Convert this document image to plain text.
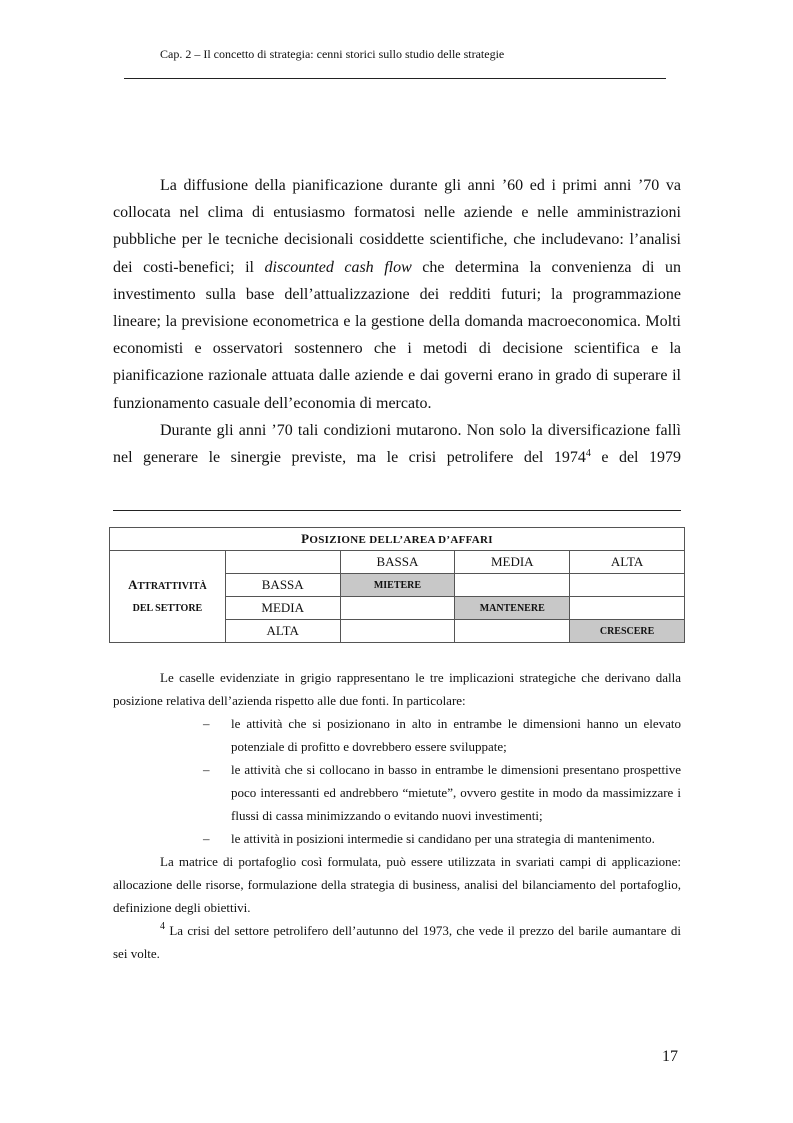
Cap. 2 – Il concetto di strategia: cenni storici sullo studio delle strategie

La diffusione della pianificazione durante gli anni ’60 ed i primi anni ’70 va collocata nel clima di entusiasmo formatosi nelle aziende e nelle amministrazioni pubbliche per le tecniche decisionali cosiddette scientifiche, che includevano: l’analisi dei costi-benefici; il discounted cash flow che determina la convenienza di un investimento sulla base dell’attualizzazione dei redditi futuri; la programmazione lineare; la previsione econometrica e la gestione della domanda macroeconomica. Molti economisti e osservatori sostennero che i metodi di decisione scientifica e la pianificazione razionale attuata dalle aziende e dai governi erano in grado di superare il funzionamento casuale dell’economia di mercato.

Durante gli anni ’70 tali condizioni mutarono. Non solo la diversificazione fallì nel generare le sinergie previste, ma le crisi petrolifere del 1974$^4$ e del 1979

POSIZIONE DELL’AREA D’AFFARI				
ATTRATTIVITÀ
DEL SETTORE		BASSA	MEDIA	ALTA
	BASSA	MIETERE		
	MEDIA		MANTENERE	
	ALTA			CRESCERE

Le caselle evidenziate in grigio rappresentano le tre implicazioni strategiche che derivano dalla posizione relativa dell’azienda rispetto alle due fonti. In particolare:

– le attività che si posizionano in alto in entrambe le dimensioni hanno un elevato potenziale di profitto e dovrebbero essere sviluppate;
– le attività che si collocano in basso in entrambe le dimensioni presentano prospettive poco interessanti ed andrebbero “mietute”, ovvero gestite in modo da massimizzare i flussi di cassa minimizzando o evitando nuovi investimenti;
– le attività in posizioni intermedie si candidano per una strategia di mantenimento.

La matrice di portafoglio così formulata, può essere utilizzata in svariati campi di applicazione: allocazione delle risorse, formulazione della strategia di business, analisi del bilanciamento del portafoglio, definizione degli obiettivi.

$^4$ La crisi del settore petrolifero dell’autunno del 1973, che vede il prezzo del barile aumantare di sei volte.

17
